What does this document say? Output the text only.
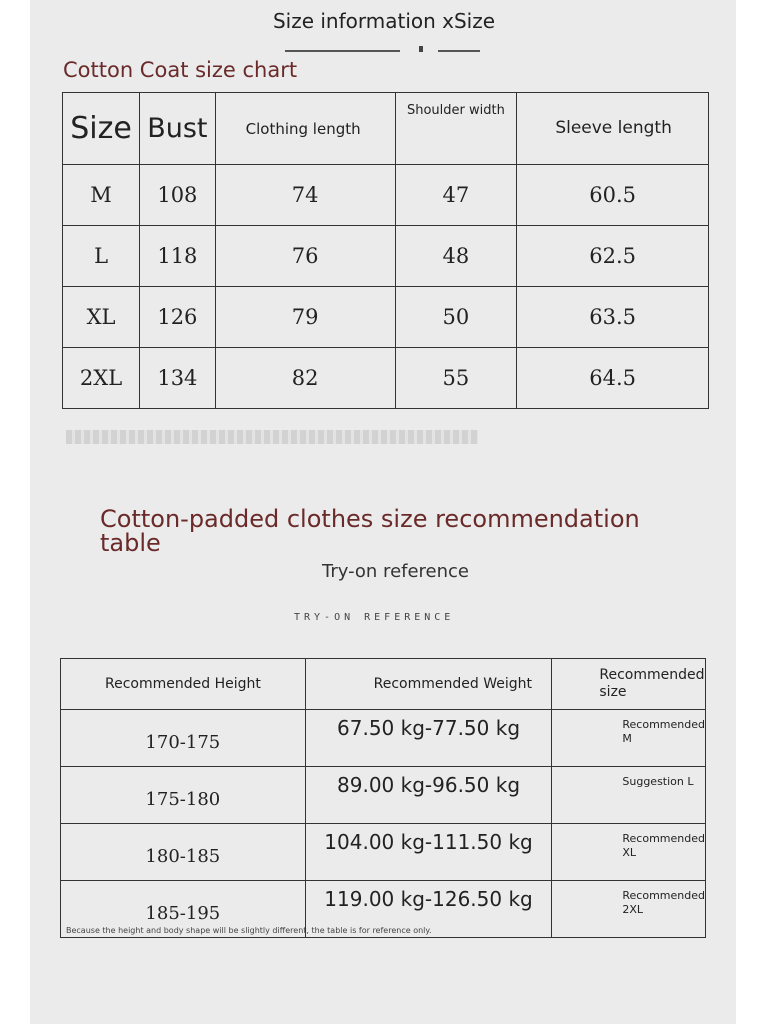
Size information xSize
Cotton Coat size chart
Size	Bust	Clothing length	Shoulder width	Sleeve length
M	108	74	47	60.5
L	118	76	48	62.5
XL	126	79	50	63.5
2XL	134	82	55	64.5
Cotton-padded clothes size recommendation table
Try-on reference
TRY-ON REFERENCE
Recommended Height	Recommended Weight	Recommended size
170-175	67.50 kg-77.50 kg	Recommended M
175-180	89.00 kg-96.50 kg	Suggestion L
180-185	104.00 kg-111.50 kg	Recommended XL
185-195	119.00 kg-126.50 kg	Recommended 2XL
Because the height and body shape will be slightly different, the table is for reference only.
